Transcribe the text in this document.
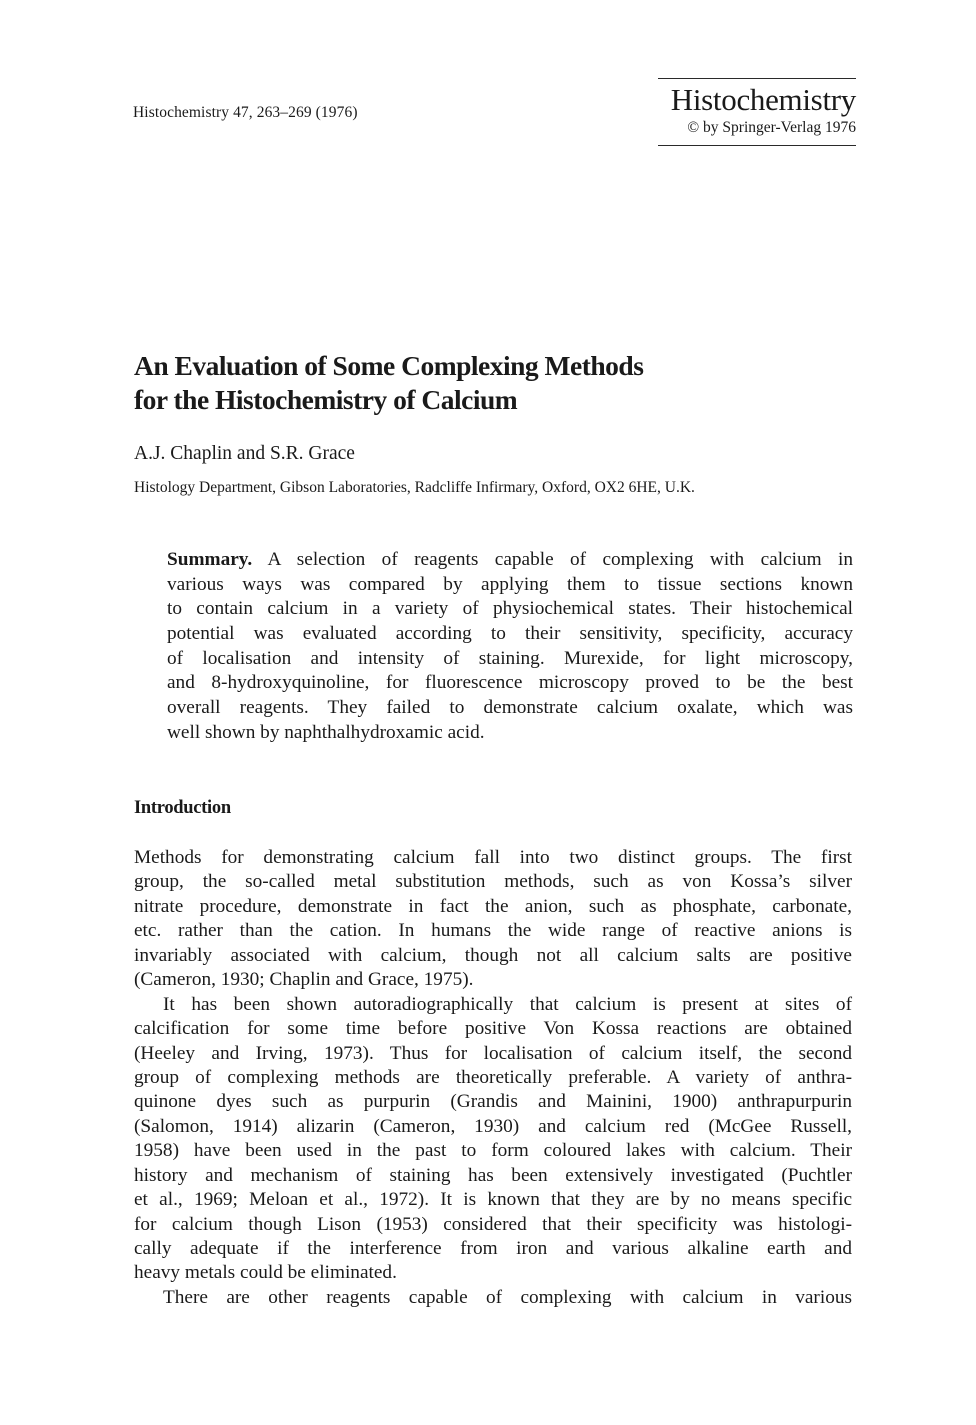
Histochemistry 47, 263–269 (1976)	Histochemistry
© by Springer-Verlag 1976
An Evaluation of Some Complexing Methods
for the Histochemistry of Calcium
A.J. Chaplin and S.R. Grace
Histology Department, Gibson Laboratories, Radcliffe Infirmary, Oxford, OX2 6HE, U.K.
Summary. A selection of reagents capable of complexing with calcium in
various ways was compared by applying them to tissue sections known
to contain calcium in a variety of physiochemical states. Their histochemical
potential was evaluated according to their sensitivity, specificity, accuracy
of localisation and intensity of staining. Murexide, for light microscopy,
and 8-hydroxyquinoline, for fluorescence microscopy proved to be the best
overall reagents. They failed to demonstrate calcium oxalate, which was
well shown by naphthalhydroxamic acid.
Introduction
Methods for demonstrating calcium fall into two distinct groups. The first
group, the so-called metal substitution methods, such as von Kossa’s silver
nitrate procedure, demonstrate in fact the anion, such as phosphate, carbonate,
etc. rather than the cation. In humans the wide range of reactive anions is
invariably associated with calcium, though not all calcium salts are positive
(Cameron, 1930; Chaplin and Grace, 1975).
It has been shown autoradiographically that calcium is present at sites of
calcification for some time before positive Von Kossa reactions are obtained
(Heeley and Irving, 1973). Thus for localisation of calcium itself, the second
group of complexing methods are theoretically preferable. A variety of anthra-
quinone dyes such as purpurin (Grandis and Mainini, 1900) anthrapurpurin
(Salomon, 1914) alizarin (Cameron, 1930) and calcium red (McGee Russell,
1958) have been used in the past to form coloured lakes with calcium. Their
history and mechanism of staining has been extensively investigated (Puchtler
et al., 1969; Meloan et al., 1972). It is known that they are by no means specific
for calcium though Lison (1953) considered that their specificity was histologi-
cally adequate if the interference from iron and various alkaline earth and
heavy metals could be eliminated.
There are other reagents capable of complexing with calcium in various
